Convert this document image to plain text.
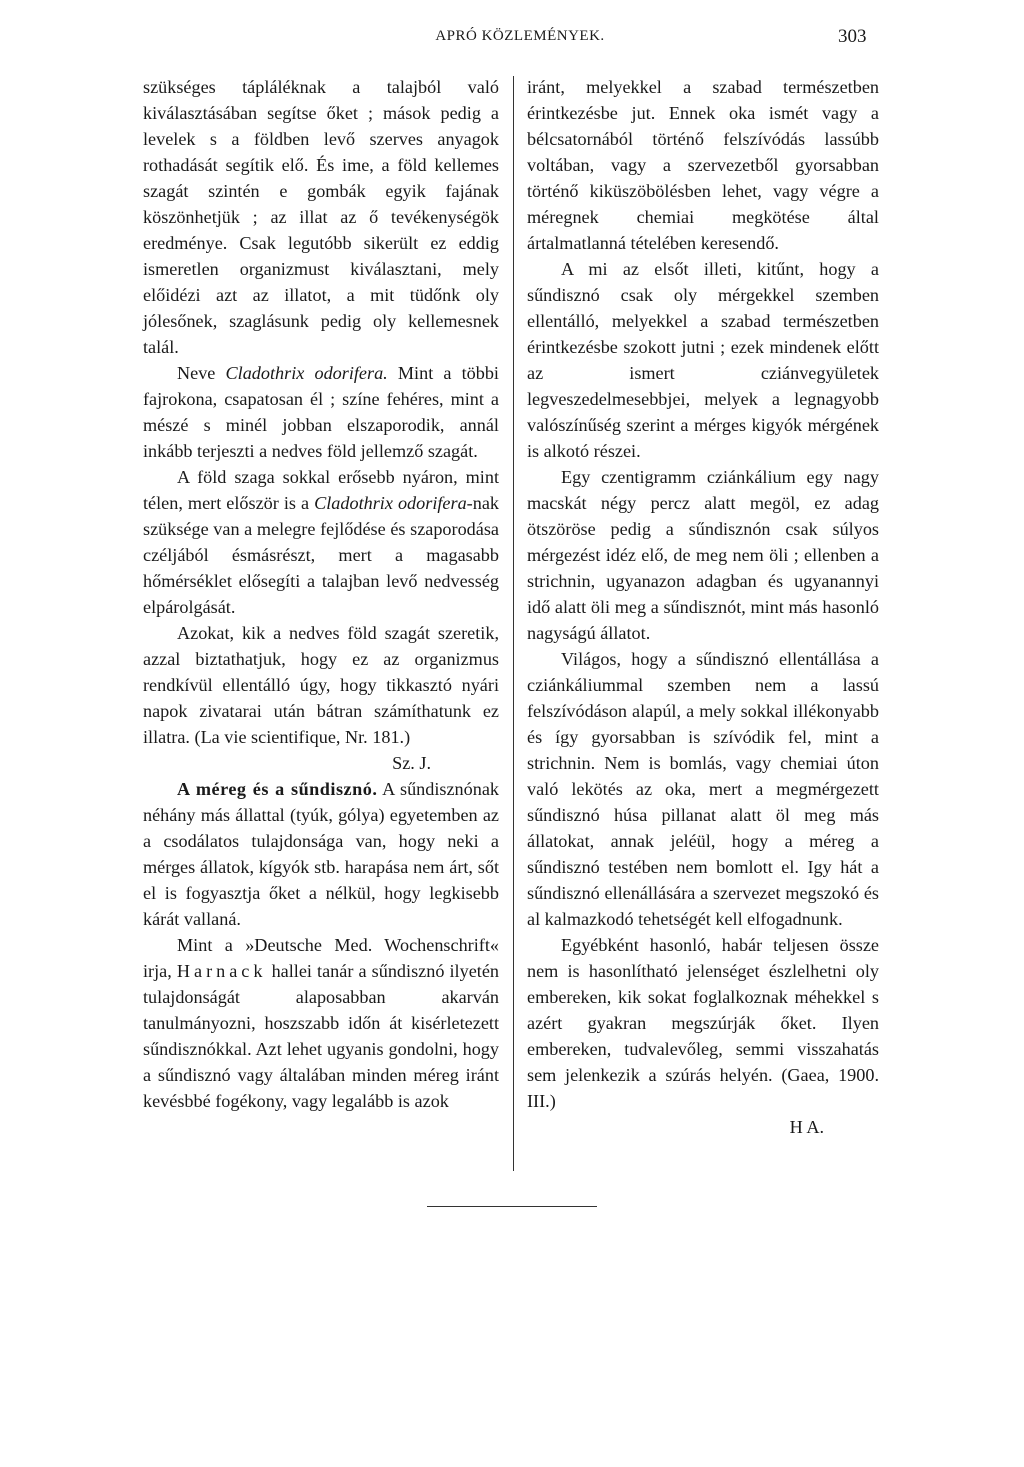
APRÓ KÖZLEMÉNYEK.	303

szükséges tápláléknak a talajból való kiválasztásában segítse őket ; mások pedig a levelek s a földben levő szerves anyagok rothadását segítik elő. És ime, a föld kellemes szagát szintén e gombák egyik fajának köszönhetjük ; az illat az ő tevékenységök eredménye. Csak legutóbb sikerült ez eddig ismeretlen organizmust kiválasztani, mely előidézi azt az illatot, a mit tüdőnk oly jólesőnek, szaglásunk pedig oly kellemesnek talál.

Neve Cladothrix odorifera. Mint a többi fajrokona, csapatosan él ; színe fehéres, mint a mészé s minél jobban elszaporodik, annál inkább terjeszti a nedves föld jellemző szagát.

A föld szaga sokkal erősebb nyáron, mint télen, mert először is a Cladothrix odorifera-nak szüksége van a melegre fejlődése és szaporodása czéljából ésmásrészt, mert a magasabb hőmérséklet elősegíti a talajban levő nedvesség elpárolgását.

Azokat, kik a nedves föld szagát szeretik, azzal biztathatjuk, hogy ez az organizmus rendkívül ellentálló úgy, hogy tikkasztó nyári napok zivatarai után bátran számíthatunk ez illatra. (La vie scientifique, Nr. 181.)

Sz. J.

A méreg és a sűndisznó. A sűndisznónak néhány más állattal (tyúk, gólya) egyetemben az a csodálatos tulajdonsága van, hogy neki a mérges állatok, kígyók stb. harapása nem árt, sőt el is fogyasztja őket a nélkül, hogy legkisebb kárát vallaná.

Mint a »Deutsche Med. Wochenschrift« irja, Harnack hallei tanár a sűndisznó ilyetén tulajdonságát alaposabban akarván tanulmányozni, hoszszabb időn át kisérletezett sűndisznókkal. Azt lehet ugyanis gondolni, hogy a sűndisznó vagy általában minden méreg iránt kevésbbé fogékony, vagy legalább is azok

iránt, melyekkel a szabad természetben érintkezésbe jut. Ennek oka ismét vagy a bélcsatornából történő felszívódás lassúbb voltában, vagy a szervezetből gyorsabban történő kiküszöbölésben lehet, vagy végre a méregnek chemiai megkötése által ártalmatlanná tételében keresendő.

A mi az elsőt illeti, kitűnt, hogy a sűndisznó csak oly mérgekkel szemben ellentálló, melyekkel a szabad természetben érintkezésbe szokott jutni ; ezek mindenek előtt az ismert cziánvegyületek legveszedelmesebbjei, melyek a legnagyobb valószínűség szerint a mérges kigyók mérgének is alkotó részei.

Egy czentigramm cziánkálium egy nagy macskát négy percz alatt megöl, ez adag ötszöröse pedig a sűndisznón csak súlyos mérgezést idéz elő, de meg nem öli ; ellenben a strichnin, ugyanazon adagban és ugyanannyi idő alatt öli meg a sűndisznót, mint más hasonló nagyságú állatot.

Világos, hogy a sűndisznó ellentállása a cziánkáliummal szemben nem a lassú felszívódáson alapúl, a mely sokkal illékonyabb és így gyorsabban is szívódik fel, mint a strichnin. Nem is bomlás, vagy chemiai úton való lekötés az oka, mert a megmérgezett sűndisznó húsa pillanat alatt öl meg más állatokat, annak jeléül, hogy a méreg a sűndisznó testében nem bomlott el. Igy hát a sűndisznó ellenállására a szervezet megszokó és al kalmazkodó tehetségét kell elfogadnunk.

Egyébként hasonló, habár teljesen össze nem is hasonlítható jelenséget észlelhetni oly embereken, kik sokat foglalkoznak méhekkel s azért gyakran megszúrják őket. Ilyen embereken, tudvalevőleg, semmi visszahatás sem jelenkezik a szúrás helyén. (Gaea, 1900. III.)

H A.
